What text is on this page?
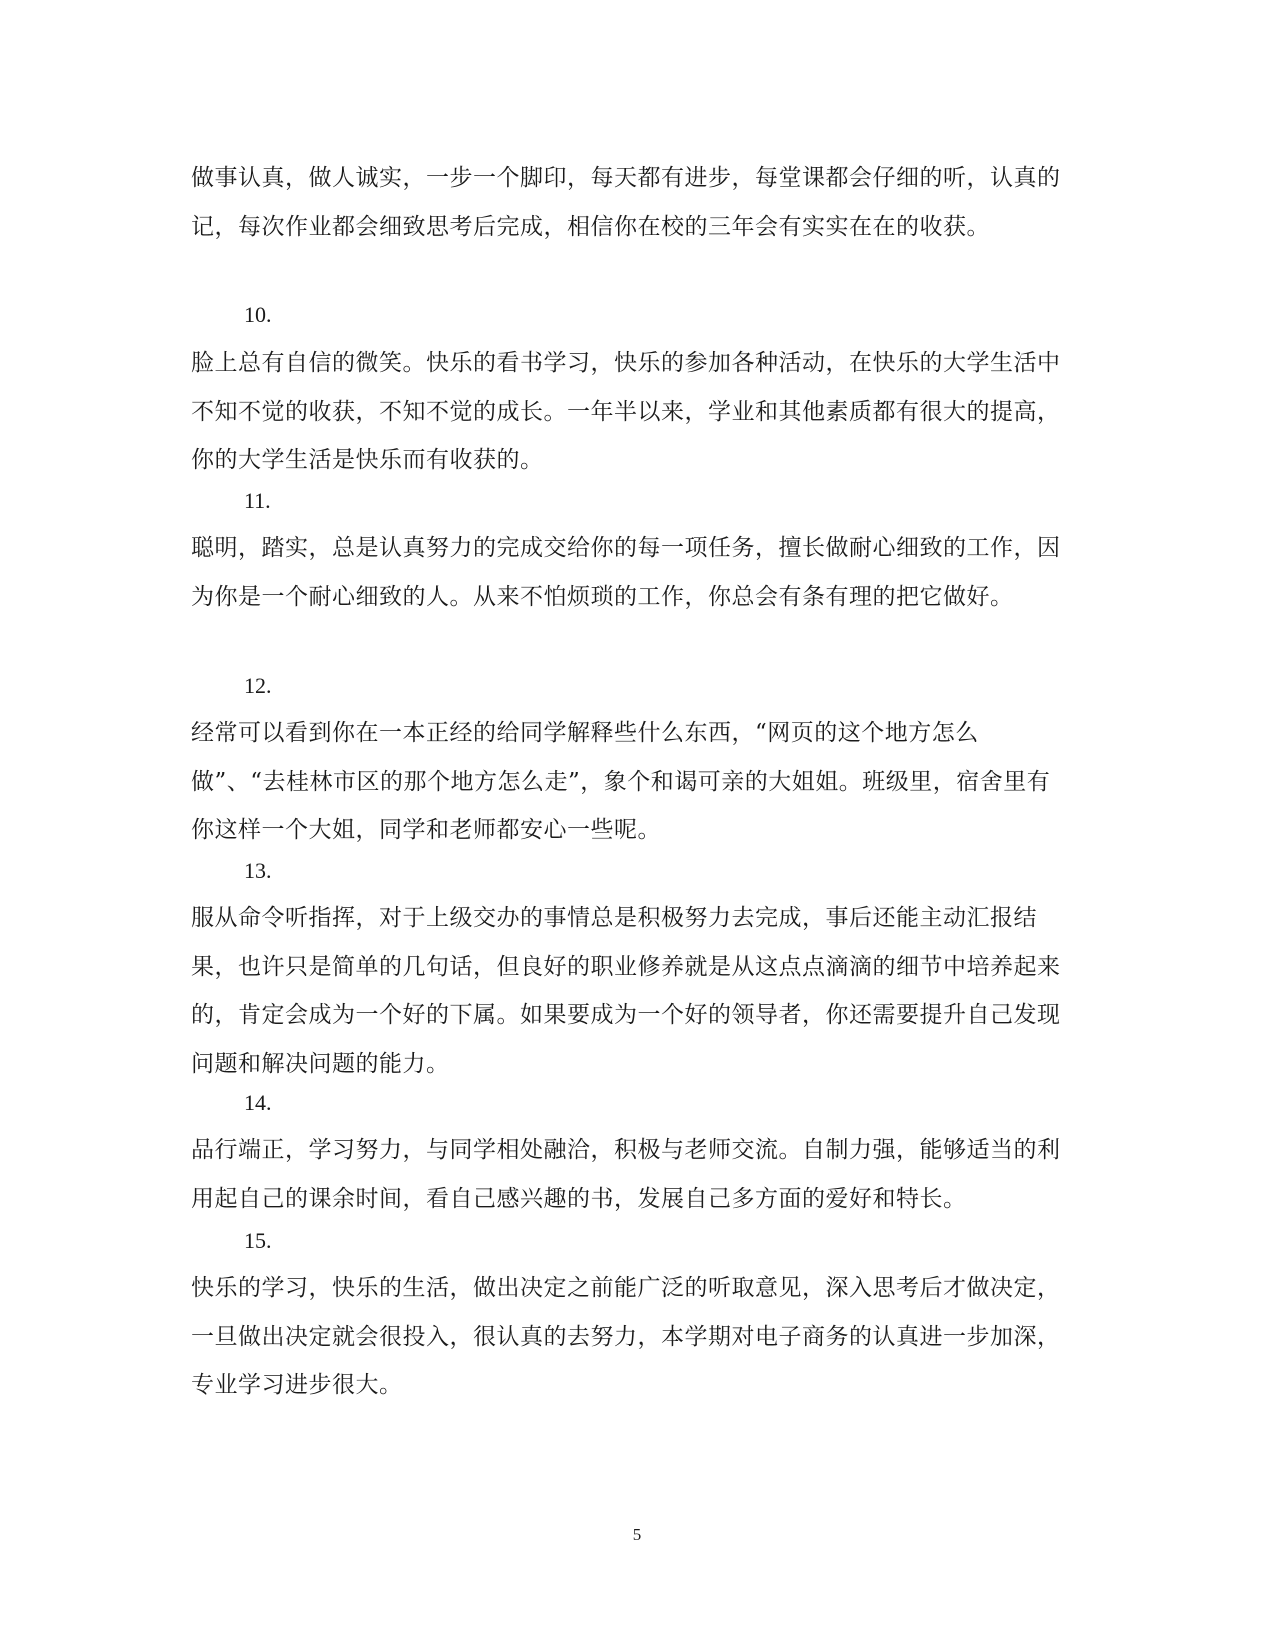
做事认真，做人诚实，一步一个脚印，每天都有进步，每堂课都会仔细的听，认真的记，每次作业都会细致思考后完成，相信你在校的三年会有实实在在的收获。
10.
脸上总有自信的微笑。快乐的看书学习，快乐的参加各种活动，在快乐的大学生活中不知不觉的收获，不知不觉的成长。一年半以来，学业和其他素质都有很大的提高，你的大学生活是快乐而有收获的。
11.
聪明，踏实，总是认真努力的完成交给你的每一项任务，擅长做耐心细致的工作，因为你是一个耐心细致的人。从来不怕烦琐的工作，你总会有条有理的把它做好。
12.
经常可以看到你在一本正经的给同学解释些什么东西，“网页的这个地方怎么做”、“去桂林市区的那个地方怎么走”，象个和谒可亲的大姐姐。班级里，宿舍里有你这样一个大姐，同学和老师都安心一些呢。
13.
服从命令听指挥，对于上级交办的事情总是积极努力去完成，事后还能主动汇报结果，也许只是简单的几句话，但良好的职业修养就是从这点点滴滴的细节中培养起来的，肯定会成为一个好的下属。如果要成为一个好的领导者，你还需要提升自己发现问题和解决问题的能力。
14.
品行端正，学习努力，与同学相处融洽，积极与老师交流。自制力强，能够适当的利用起自己的课余时间，看自己感兴趣的书，发展自己多方面的爱好和特长。
15.
快乐的学习，快乐的生活，做出决定之前能广泛的听取意见，深入思考后才做决定，一旦做出决定就会很投入，很认真的去努力，本学期对电子商务的认真进一步加深，专业学习进步很大。
5
